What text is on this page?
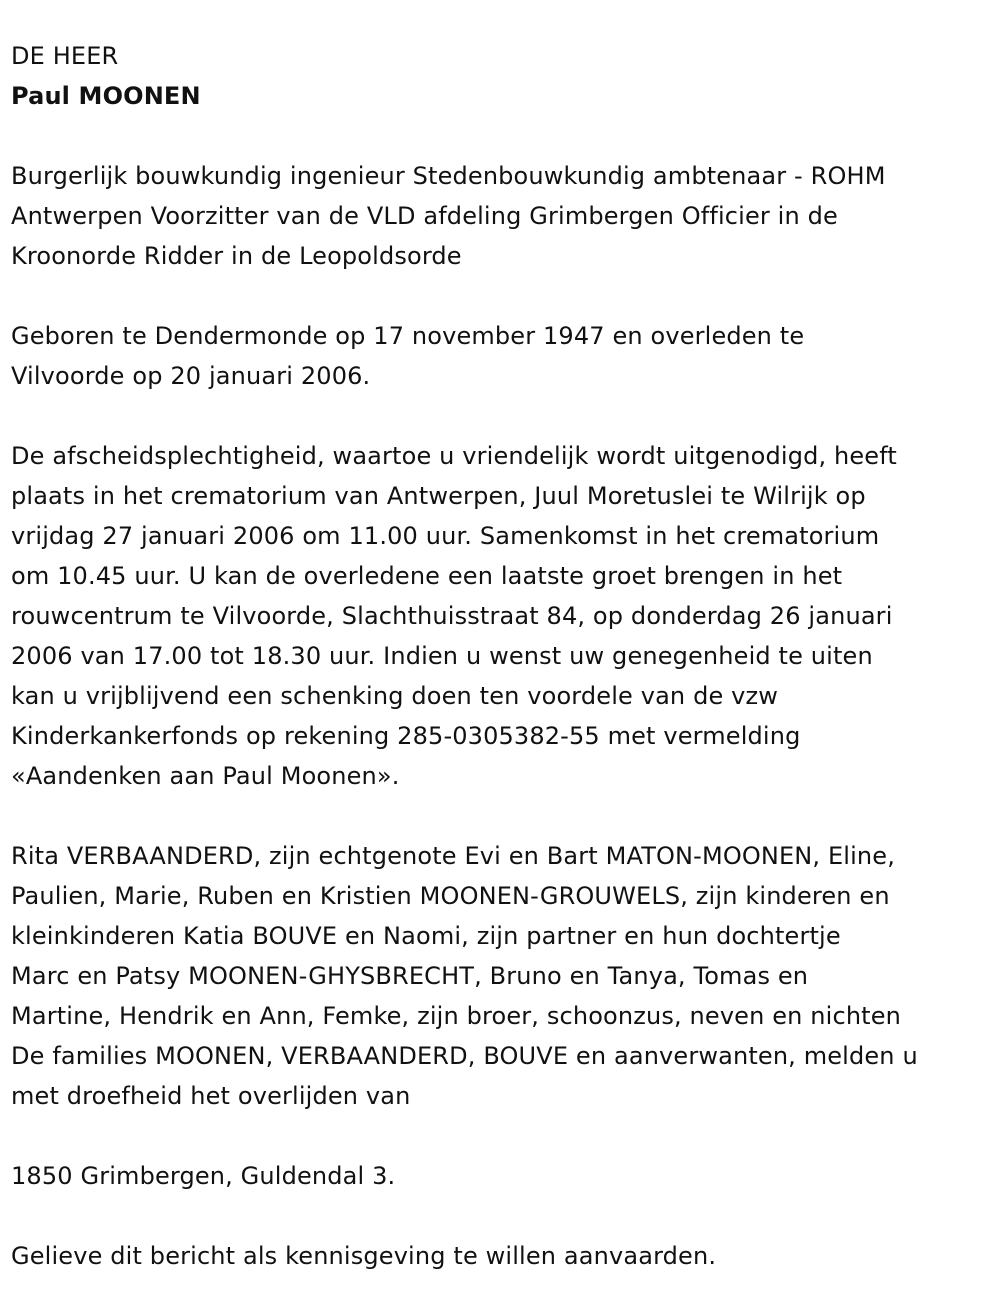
DE HEER

Paul MOONEN

Burgerlijk bouwkundig ingenieur Stedenbouwkundig ambtenaar - ROHM
Antwerpen Voorzitter van de VLD afdeling Grimbergen Officier in de
Kroonorde Ridder in de Leopoldsorde

Geboren te Dendermonde op 17 november 1947 en overleden te
Vilvoorde op 20 januari 2006.

De afscheidsplechtigheid, waartoe u vriendelijk wordt uitgenodigd, heeft
plaats in het crematorium van Antwerpen, Juul Moretuslei te Wilrijk op
vrijdag 27 januari 2006 om 11.00 uur. Samenkomst in het crematorium
om 10.45 uur. U kan de overledene een laatste groet brengen in het
rouwcentrum te Vilvoorde, Slachthuisstraat 84, op donderdag 26 januari
2006 van 17.00 tot 18.30 uur. Indien u wenst uw genegenheid te uiten
kan u vrijblijvend een schenking doen ten voordele van de vzw
Kinderkankerfonds op rekening 285-0305382-55 met vermelding
«Aandenken aan Paul Moonen».

Rita VERBAANDERD, zijn echtgenote Evi en Bart MATON-MOONEN, Eline,
Paulien, Marie, Ruben en Kristien MOONEN-GROUWELS, zijn kinderen en
kleinkinderen Katia BOUVE en Naomi, zijn partner en hun dochtertje
Marc en Patsy MOONEN-GHYSBRECHT, Bruno en Tanya, Tomas en
Martine, Hendrik en Ann, Femke, zijn broer, schoonzus, neven en nichten
De families MOONEN, VERBAANDERD, BOUVE en aanverwanten, melden u
met droefheid het overlijden van

1850 Grimbergen, Guldendal 3.

Gelieve dit bericht als kennisgeving te willen aanvaarden.
